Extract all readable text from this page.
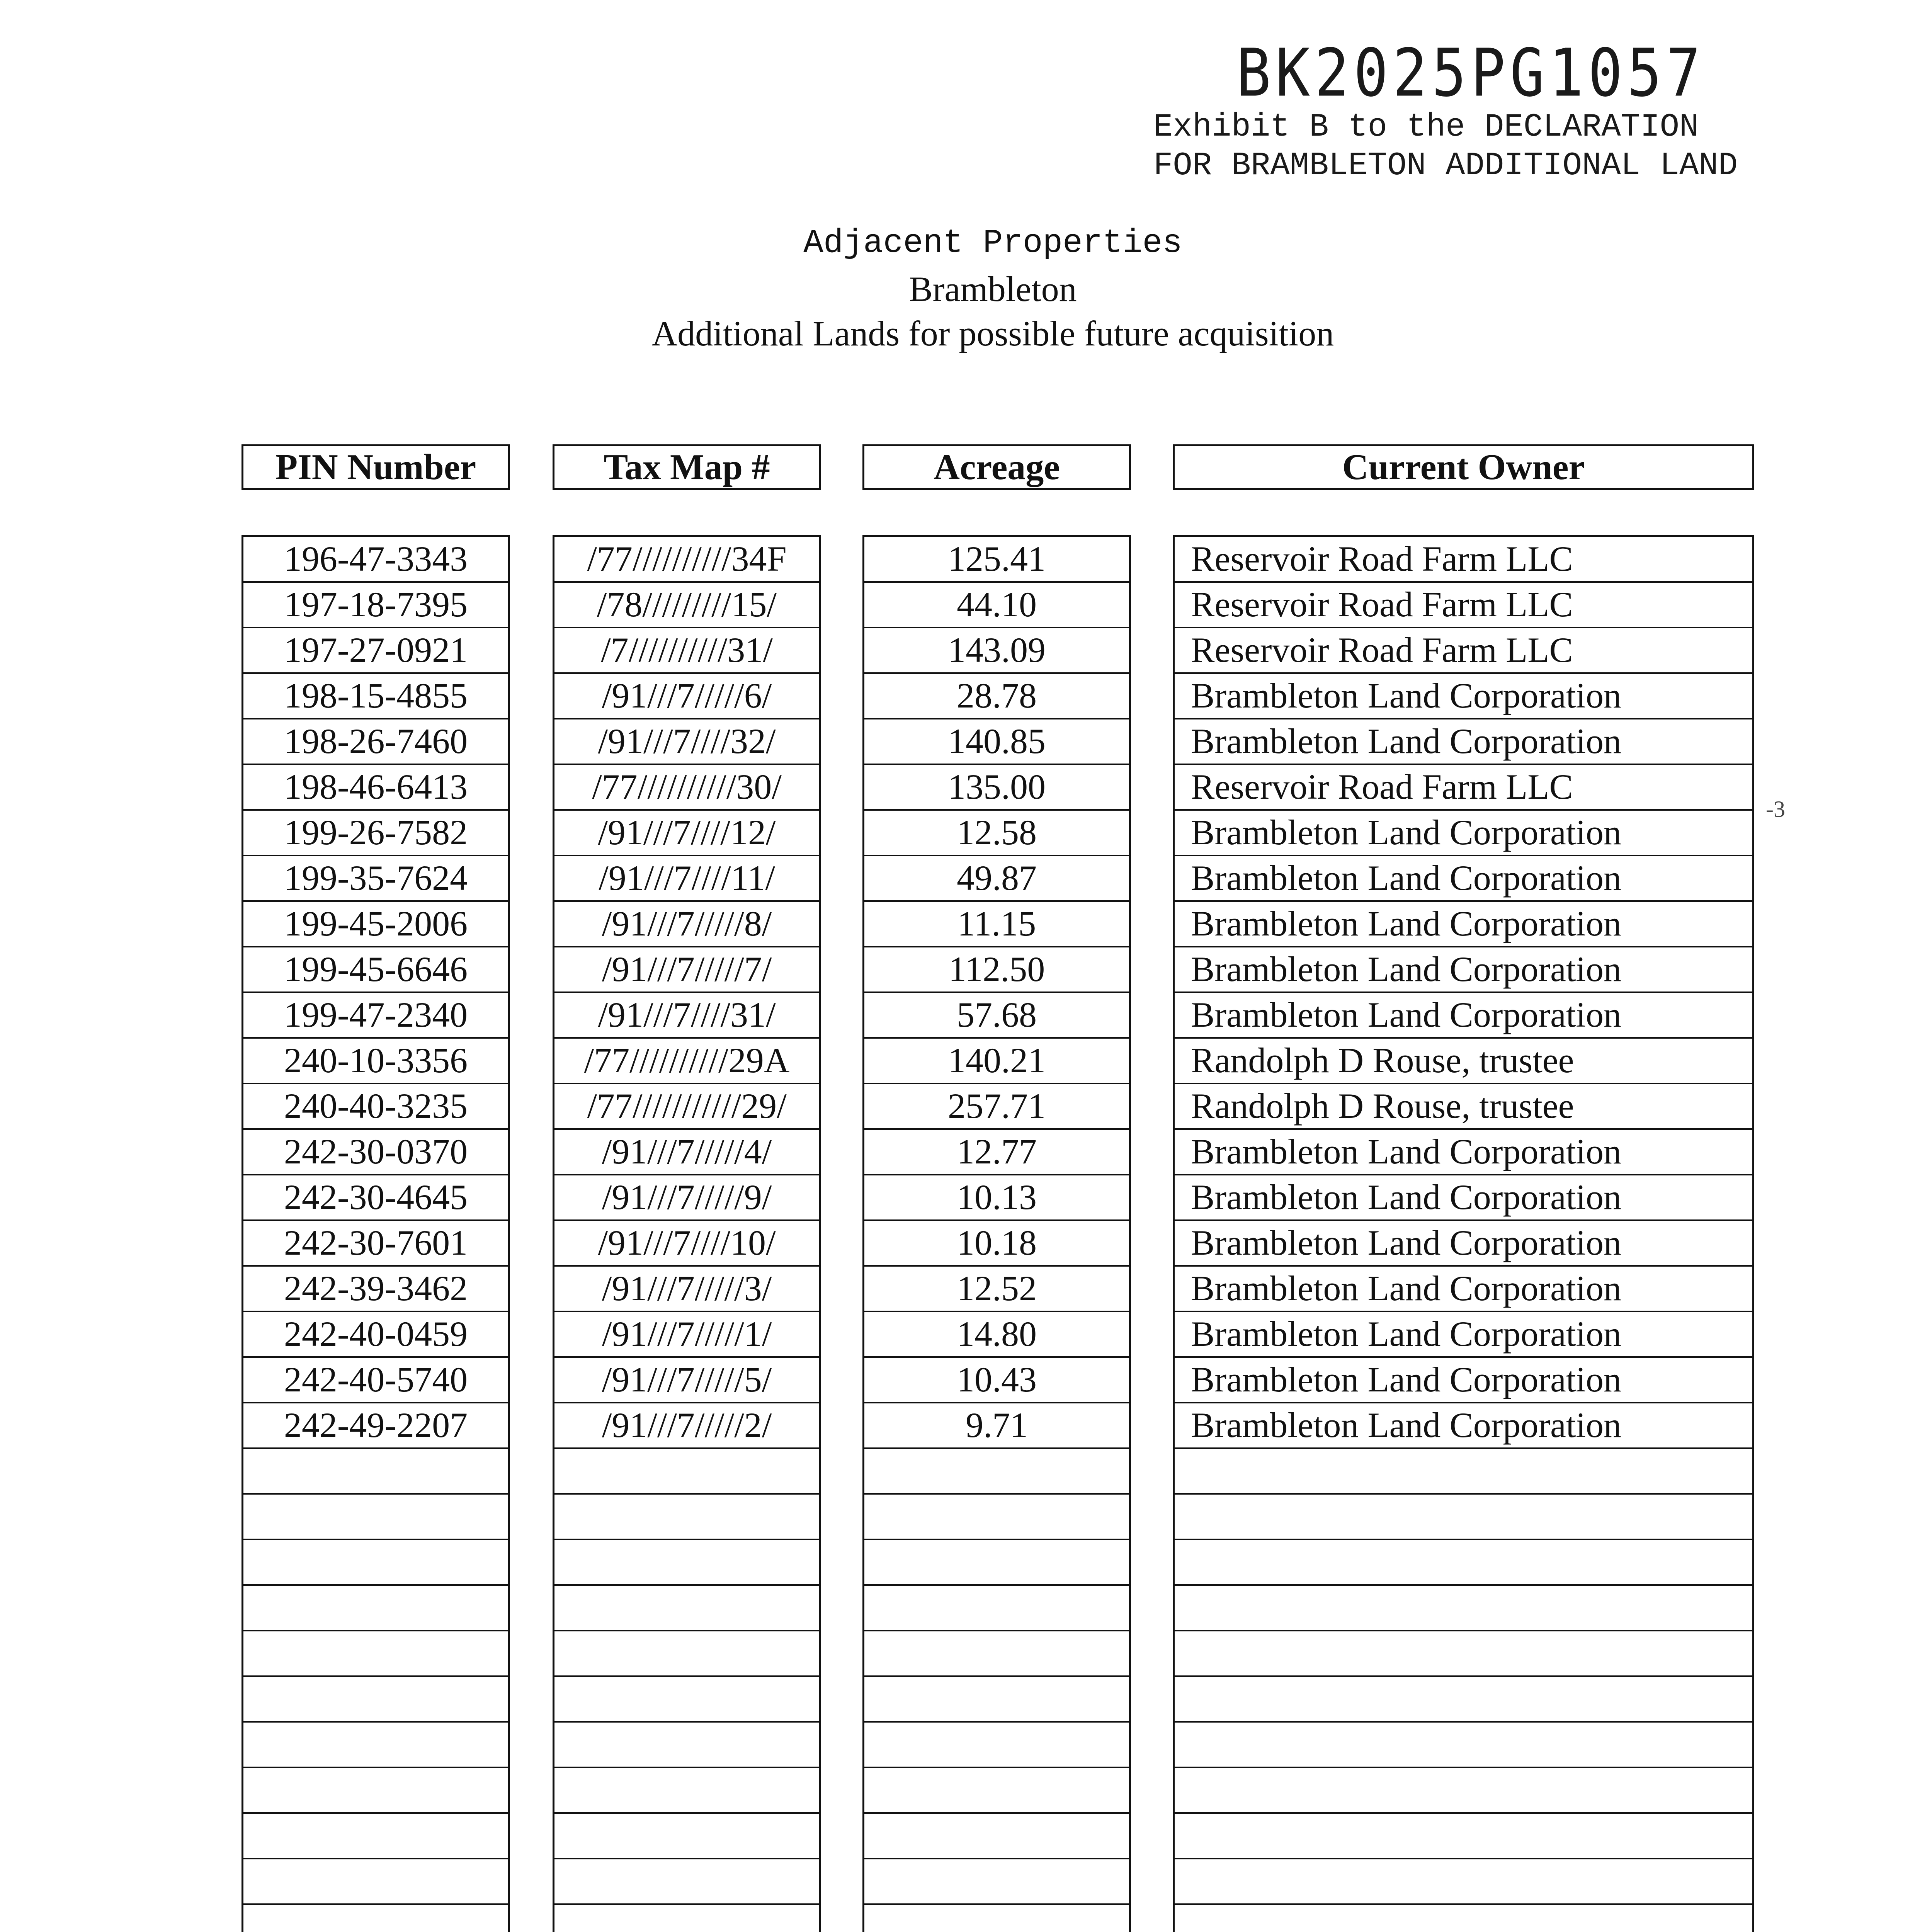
BK2025PG1057
Exhibit B to the DECLARATION
FOR BRAMBLETON ADDITIONAL LAND
Adjacent Properties
Brambleton
Additional Lands for possible future acquisition
PIN Number
196-47-3343
197-18-7395
197-27-0921
198-15-4855
198-26-7460
198-46-6413
199-26-7582
199-35-7624
199-45-2006
199-45-6646
199-47-2340
240-10-3356
240-40-3235
242-30-0370
242-30-4645
242-30-7601
242-39-3462
242-40-0459
242-40-5740
242-49-2207
Tax Map #
/77//////////34F
/78/////////15/
/7//////////31/
/91///7/////6/
/91///7////32/
/77//////////30/
/91///7////12/
/91///7////11/
/91///7/////8/
/91///7/////7/
/91///7////31/
/77//////////29A
/77///////////29/
/91///7/////4/
/91///7/////9/
/91///7////10/
/91///7/////3/
/91///7/////1/
/91///7/////5/
/91///7/////2/
Acreage
125.41
44.10
143.09
28.78
140.85
135.00
12.58
49.87
11.15
112.50
57.68
140.21
257.71
12.77
10.13
10.18
12.52
14.80
10.43
9.71
Current Owner
Reservoir Road Farm LLC
Reservoir Road Farm LLC
Reservoir Road Farm LLC
Brambleton Land Corporation
Brambleton Land Corporation
Reservoir Road Farm LLC
Brambleton Land Corporation
Brambleton Land Corporation
Brambleton Land Corporation
Brambleton Land Corporation
Brambleton Land Corporation
Randolph D Rouse, trustee
Randolph D Rouse, trustee
Brambleton Land Corporation
Brambleton Land Corporation
Brambleton Land Corporation
Brambleton Land Corporation
Brambleton Land Corporation
Brambleton Land Corporation
Brambleton Land Corporation
-3
